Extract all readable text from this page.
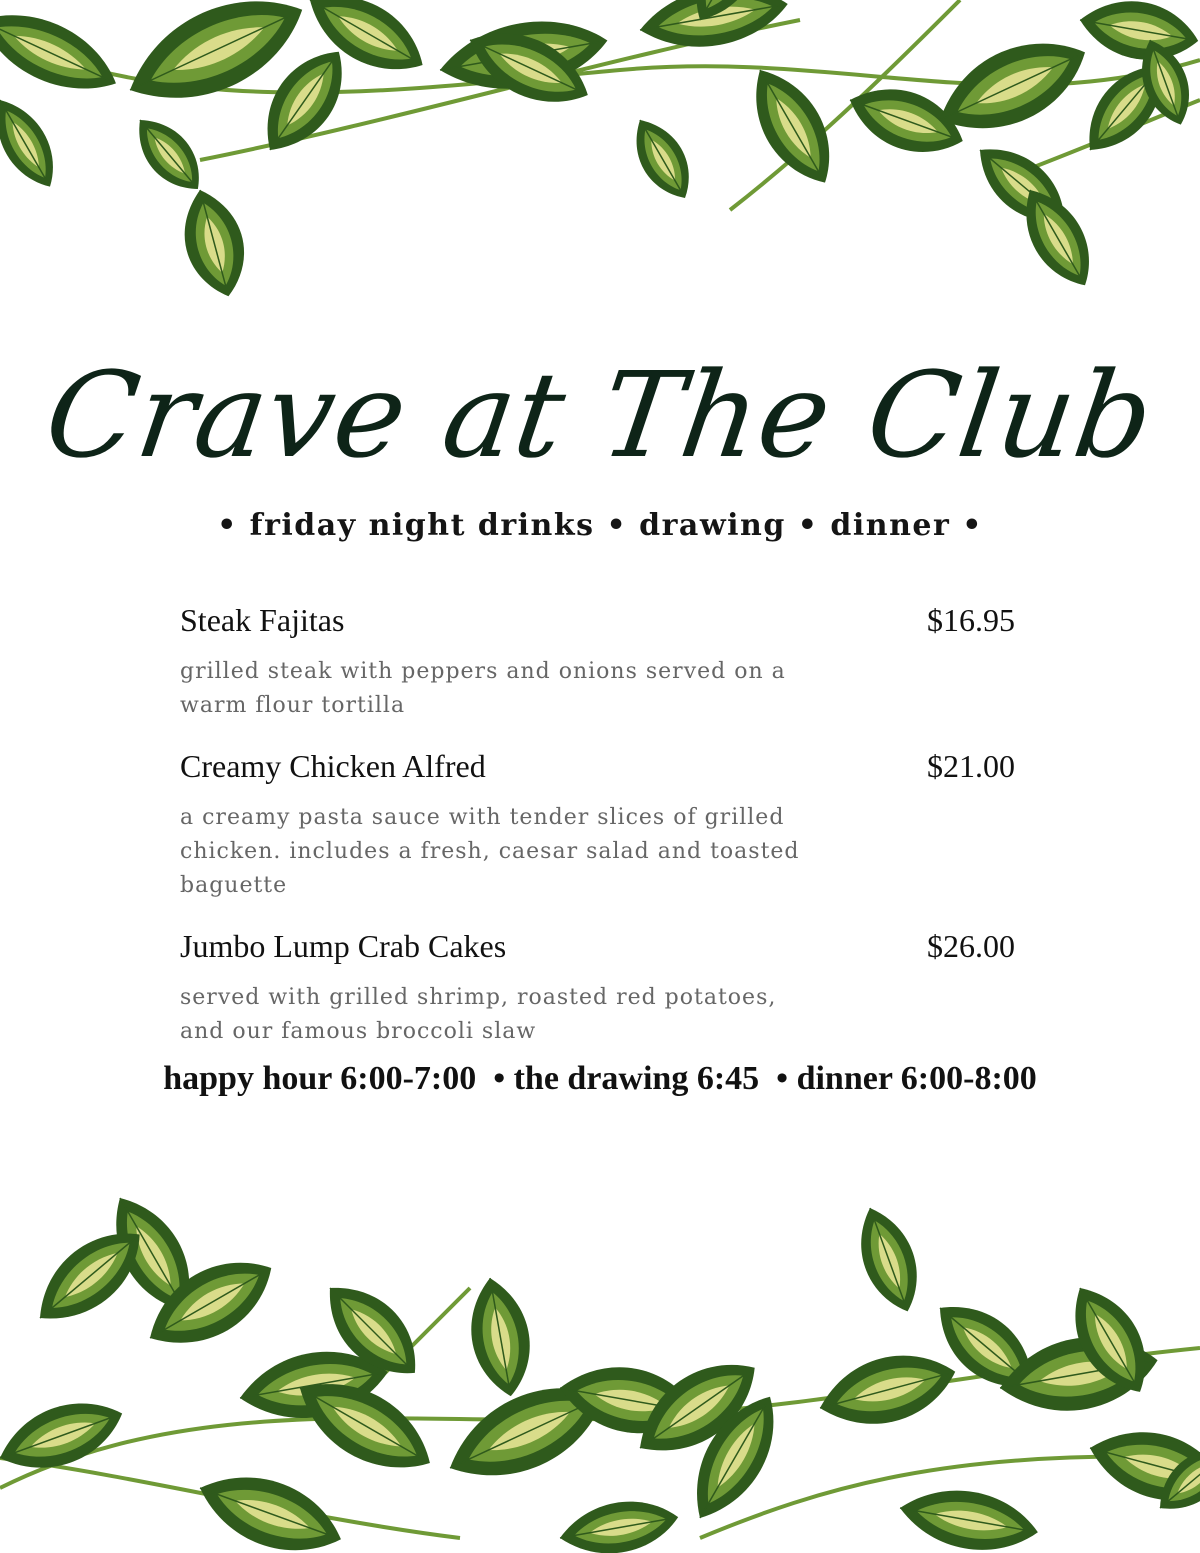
Crave at The Club
• friday night drinks • drawing • dinner •
Steak Fajitas	$16.95
grilled steak with peppers and onions served on a warm flour tortilla
Creamy Chicken Alfred	$21.00
a creamy pasta sauce with tender slices of grilled chicken. includes a fresh, caesar salad and toasted baguette
Jumbo Lump Crab Cakes	$26.00
served with grilled shrimp, roasted red potatoes, and our famous broccoli slaw
happy hour 6:00-7:00  • the drawing 6:45  • dinner 6:00-8:00
